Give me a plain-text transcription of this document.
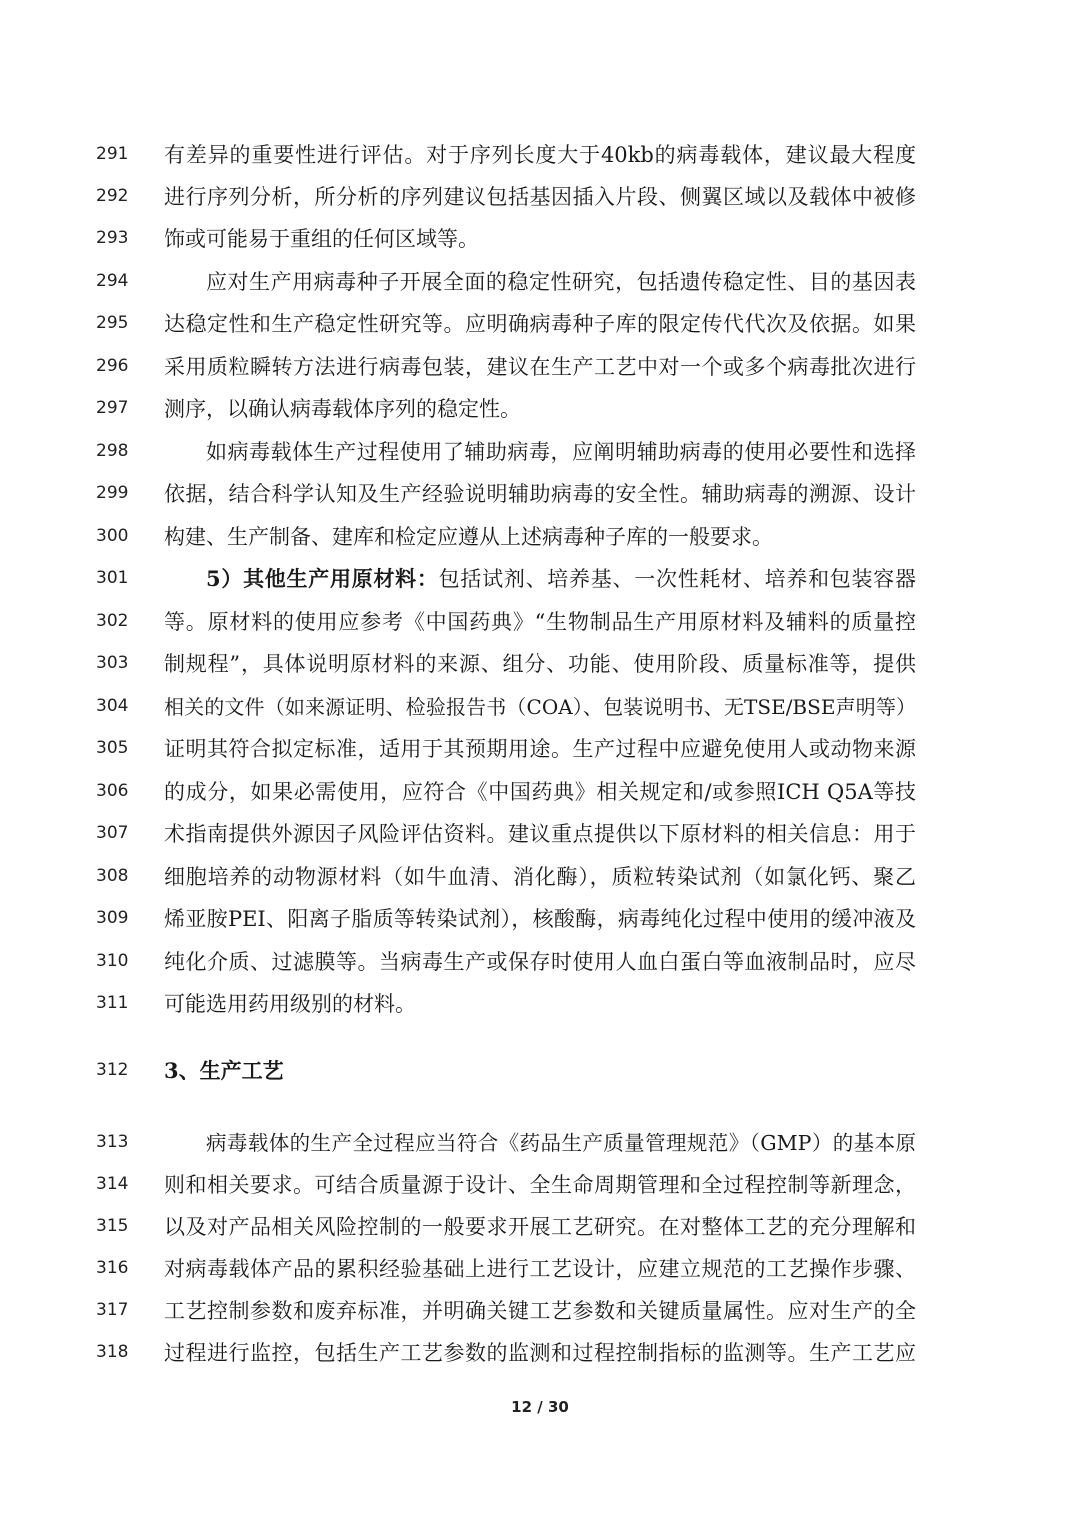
291	有差异的重要性进行评估。对于序列长度大于40kb的病毒载体，建议最大程度
292	进行序列分析，所分析的序列建议包括基因插入片段、侧翼区域以及载体中被修
293	饰或可能易于重组的任何区域等。
294	应对生产用病毒种子开展全面的稳定性研究，包括遗传稳定性、目的基因表
295	达稳定性和生产稳定性研究等。应明确病毒种子库的限定传代代次及依据。如果
296	采用质粒瞬转方法进行病毒包装，建议在生产工艺中对一个或多个病毒批次进行
297	测序，以确认病毒载体序列的稳定性。
298	如病毒载体生产过程使用了辅助病毒，应阐明辅助病毒的使用必要性和选择
299	依据，结合科学认知及生产经验说明辅助病毒的安全性。辅助病毒的溯源、设计
300	构建、生产制备、建库和检定应遵从上述病毒种子库的一般要求。
301	5）其他生产用原材料：包括试剂、培养基、一次性耗材、培养和包装容器
302	等。原材料的使用应参考《中国药典》“生物制品生产用原材料及辅料的质量控
303	制规程”，具体说明原材料的来源、组分、功能、使用阶段、质量标准等，提供
304	相关的文件（如来源证明、检验报告书（COA）、包装说明书、无TSE/BSE声明等）
305	证明其符合拟定标准，适用于其预期用途。生产过程中应避免使用人或动物来源
306	的成分，如果必需使用，应符合《中国药典》相关规定和/或参照ICH Q5A等技
307	术指南提供外源因子风险评估资料。建议重点提供以下原材料的相关信息：用于
308	细胞培养的动物源材料（如牛血清、消化酶），质粒转染试剂（如氯化钙、聚乙
309	烯亚胺PEI、阳离子脂质等转染试剂），核酸酶，病毒纯化过程中使用的缓冲液及
310	纯化介质、过滤膜等。当病毒生产或保存时使用人血白蛋白等血液制品时，应尽
311	可能选用药用级别的材料。
312	3、生产工艺
313	病毒载体的生产全过程应当符合《药品生产质量管理规范》（GMP）的基本原
314	则和相关要求。可结合质量源于设计、全生命周期管理和全过程控制等新理念，
315	以及对产品相关风险控制的一般要求开展工艺研究。在对整体工艺的充分理解和
316	对病毒载体产品的累积经验基础上进行工艺设计，应建立规范的工艺操作步骤、
317	工艺控制参数和废弃标准，并明确关键工艺参数和关键质量属性。应对生产的全
318	过程进行监控，包括生产工艺参数的监测和过程控制指标的监测等。生产工艺应
12 / 30
